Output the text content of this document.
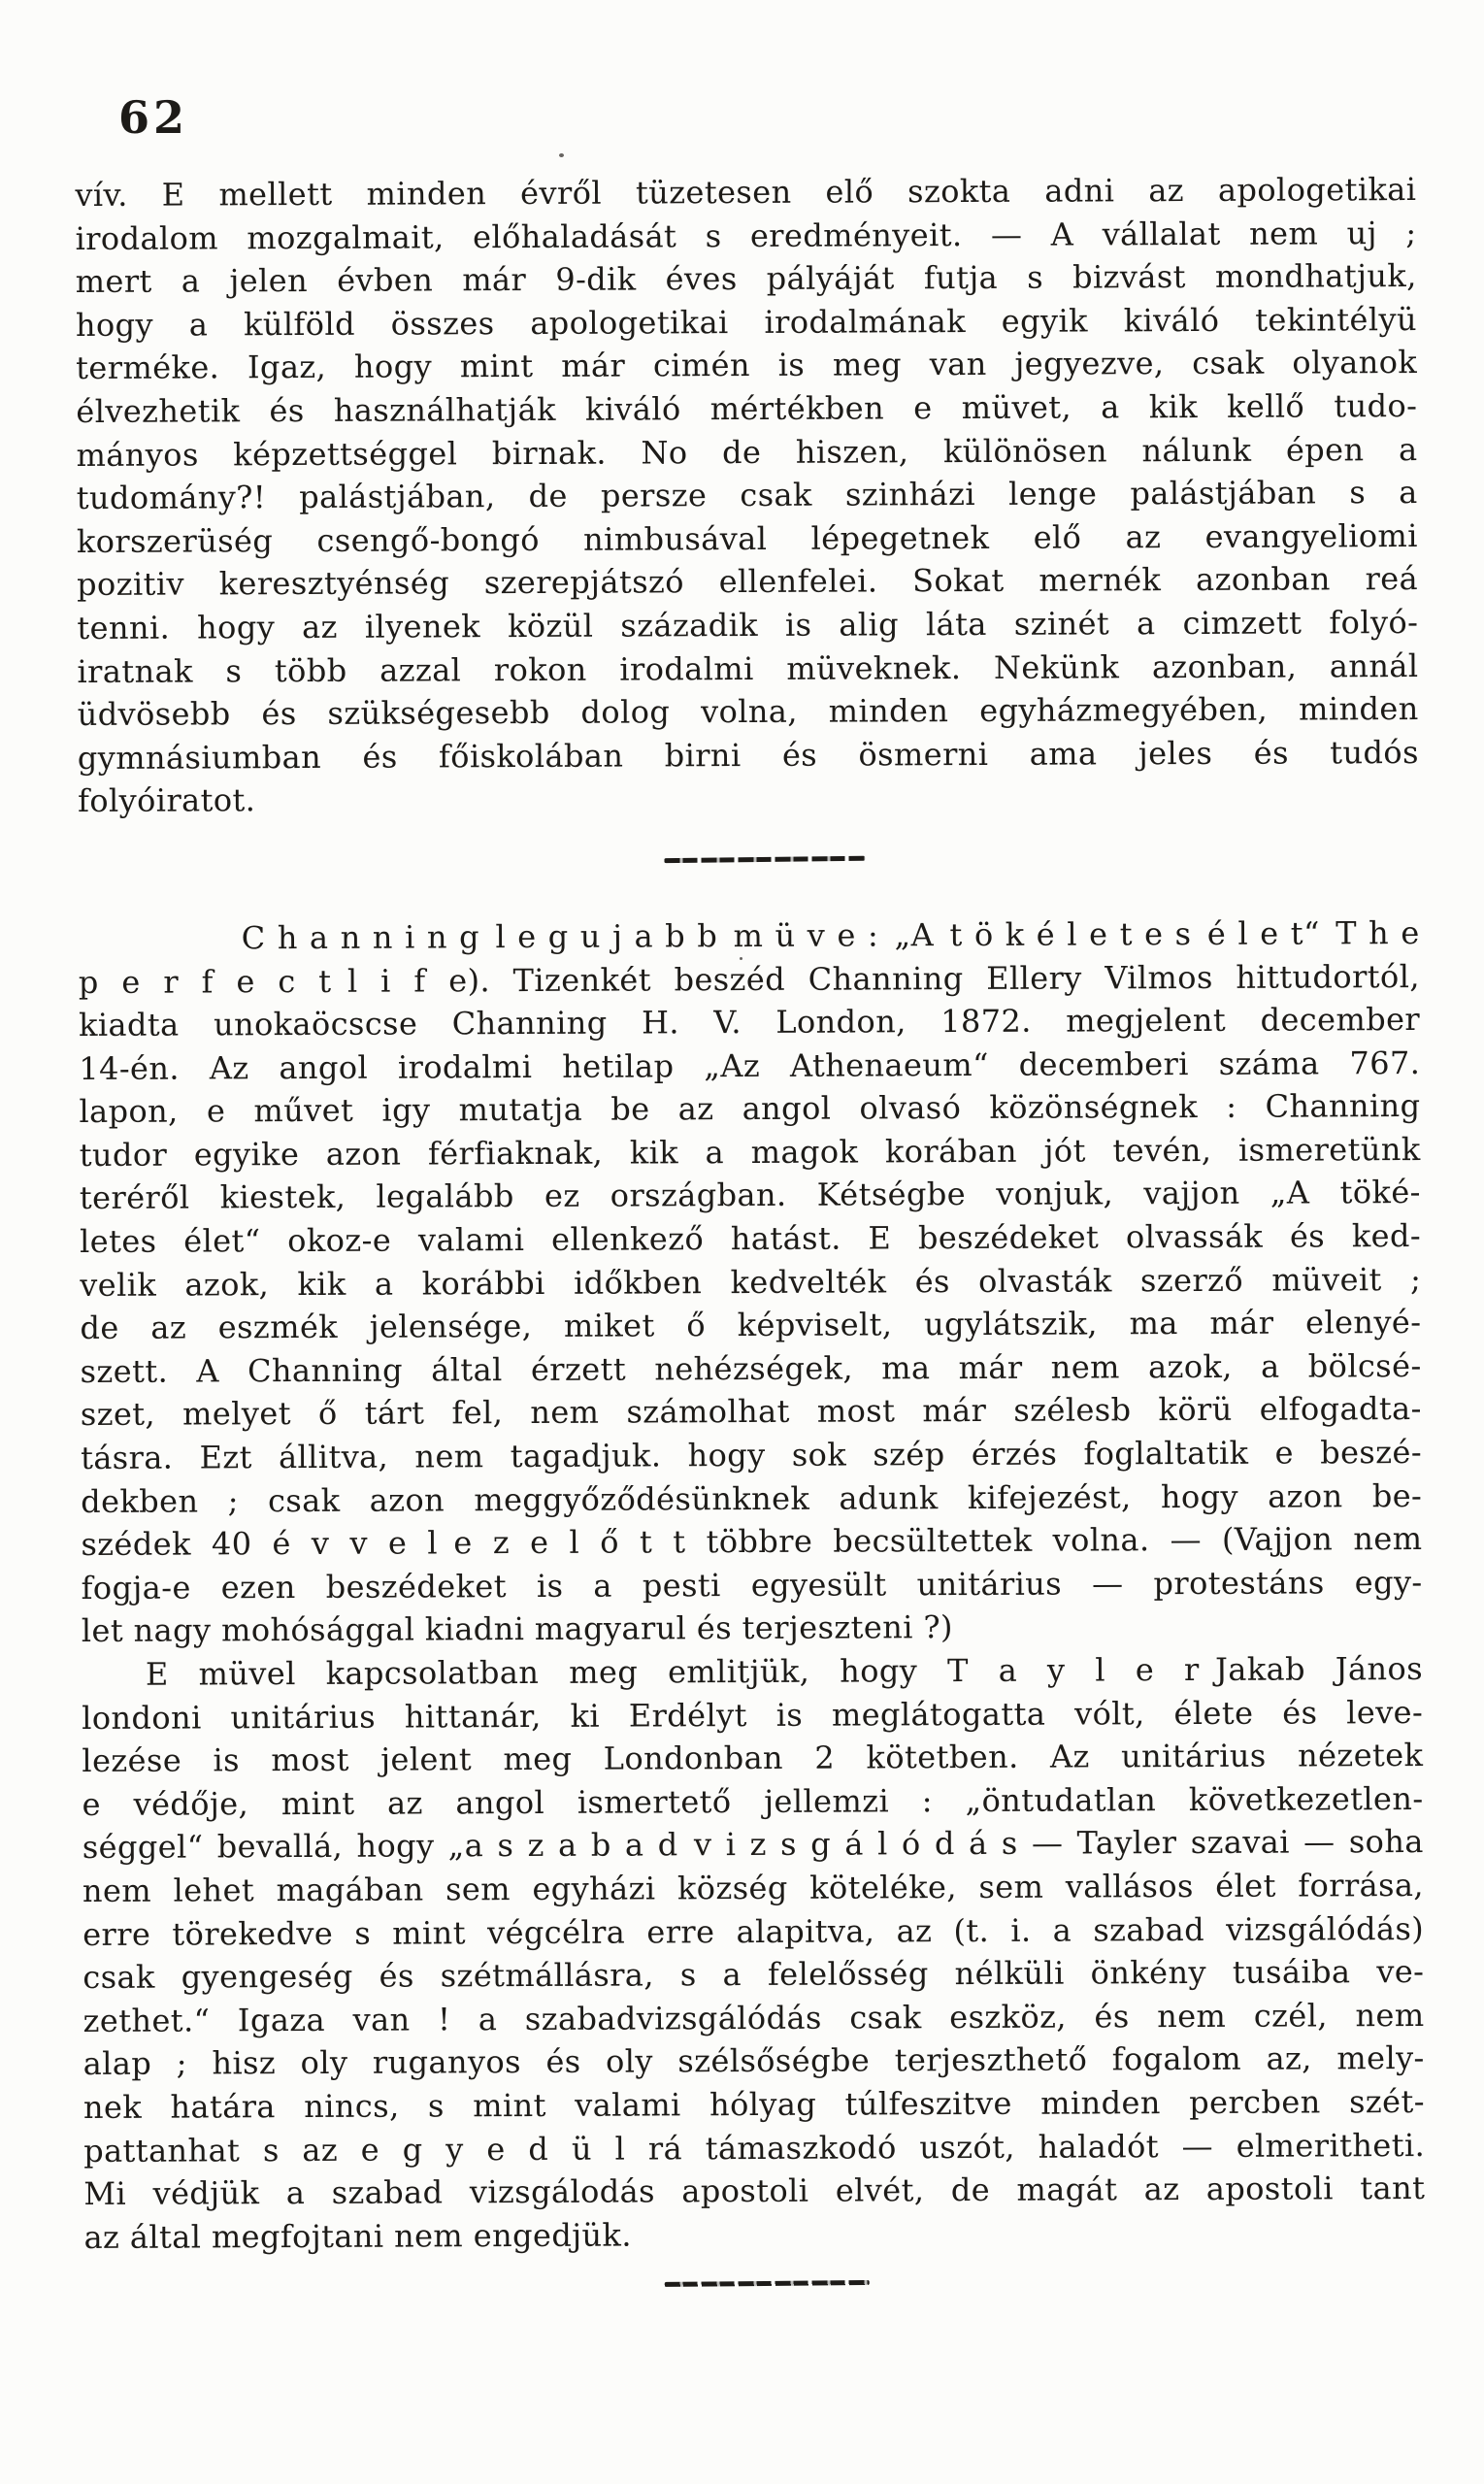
62
vív. E mellett minden évről tüzetesen elő szokta adni az apologetikai
irodalom mozgalmait, előhaladását s eredményeit. — A vállalat nem uj ;
mert a jelen évben már 9-dik éves pályáját futja s bizvást mondhatjuk,
hogy a külföld összes apologetikai irodalmának egyik kiváló tekintélyü
terméke. Igaz, hogy mint már cimén is meg van jegyezve, csak olyanok
élvezhetik és használhatják kiváló mértékben e müvet, a kik kellő tudo-
mányos képzettséggel birnak. No de hiszen, különösen nálunk épen a
tudomány?! palástjában, de persze csak szinházi lenge palástjában s a
korszerüség csengő-bongó nimbusával lépegetnek elő az evangyeliomi
pozitiv keresztyénség szerepjátszó ellenfelei. Sokat mernék azonban reá
tenni. hogy az ilyenek közül századik is alig láta szinét a cimzett folyó-
iratnak s több azzal rokon irodalmi müveknek. Nekünk azonban, annál
üdvösebb és szükségesebb dolog volna, minden egyházmegyében, minden
gymnásiumban és főiskolában birni és ösmerni ama jeles és tudós
folyóiratot.
C h a n n i n g l e g u j a b b m ü v e : „A t ö k é l e t e s é l e t“ T h e
p e r f e c t l i f e). Tizenkét beszéd Channing Ellery Vilmos hittudortól,
kiadta unokaöcscse Channing H. V. London, 1872. megjelent december
14-én. Az angol irodalmi hetilap „Az Athenaeum“ decemberi száma 767.
lapon, e művet igy mutatja be az angol olvasó közönségnek : Channing
tudor egyike azon férfiaknak, kik a magok korában jót tevén, ismeretünk
teréről kiestek, legalább ez országban. Kétségbe vonjuk, vajjon „A töké-
letes élet“ okoz-e valami ellenkező hatást. E beszédeket olvassák és ked-
velik azok, kik a korábbi időkben kedvelték és olvasták szerző müveit ;
de az eszmék jelensége, miket ő képviselt, ugylátszik, ma már elenyé-
szett. A Channing által érzett nehézségek, ma már nem azok, a bölcsé-
szet, melyet ő tárt fel, nem számolhat most már szélesb körü elfogadta-
tásra. Ezt állitva, nem tagadjuk. hogy sok szép érzés foglaltatik e beszé-
dekben ; csak azon meggyőződésünknek adunk kifejezést, hogy azon be-
szédek 40 é v v e l e z e l ő t t többre becsültettek volna. — (Vajjon nem
fogja-e ezen beszédeket is a pesti egyesült unitárius — protestáns egy-
let nagy mohósággal kiadni magyarul és terjeszteni ?)
E müvel kapcsolatban meg emlitjük, hogy T a y l e r Jakab János
londoni unitárius hittanár, ki Erdélyt is meglátogatta vólt, élete és leve-
lezése is most jelent meg Londonban 2 kötetben. Az unitárius nézetek
e védője, mint az angol ismertető jellemzi : „öntudatlan következetlen-
séggel“ bevallá, hogy „a s z a b a d v i z s g á l ó d á s — Tayler szavai — soha
nem lehet magában sem egyházi község köteléke, sem vallásos élet forrása,
erre törekedve s mint végcélra erre alapitva, az (t. i. a szabad vizsgálódás)
csak gyengeség és szétmállásra, s a felelősség nélküli önkény tusáiba ve-
zethet.“ Igaza van ! a szabadvizsgálódás csak eszköz, és nem czél, nem
alap ; hisz oly ruganyos és oly szélsőségbe terjeszthető fogalom az, mely-
nek határa nincs, s mint valami hólyag túlfeszitve minden percben szét-
pattanhat s az e g y e d ü l rá támaszkodó uszót, haladót — elmeritheti.
Mi védjük a szabad vizsgálodás apostoli elvét, de magát az apostoli tant
az által megfojtani nem engedjük.
